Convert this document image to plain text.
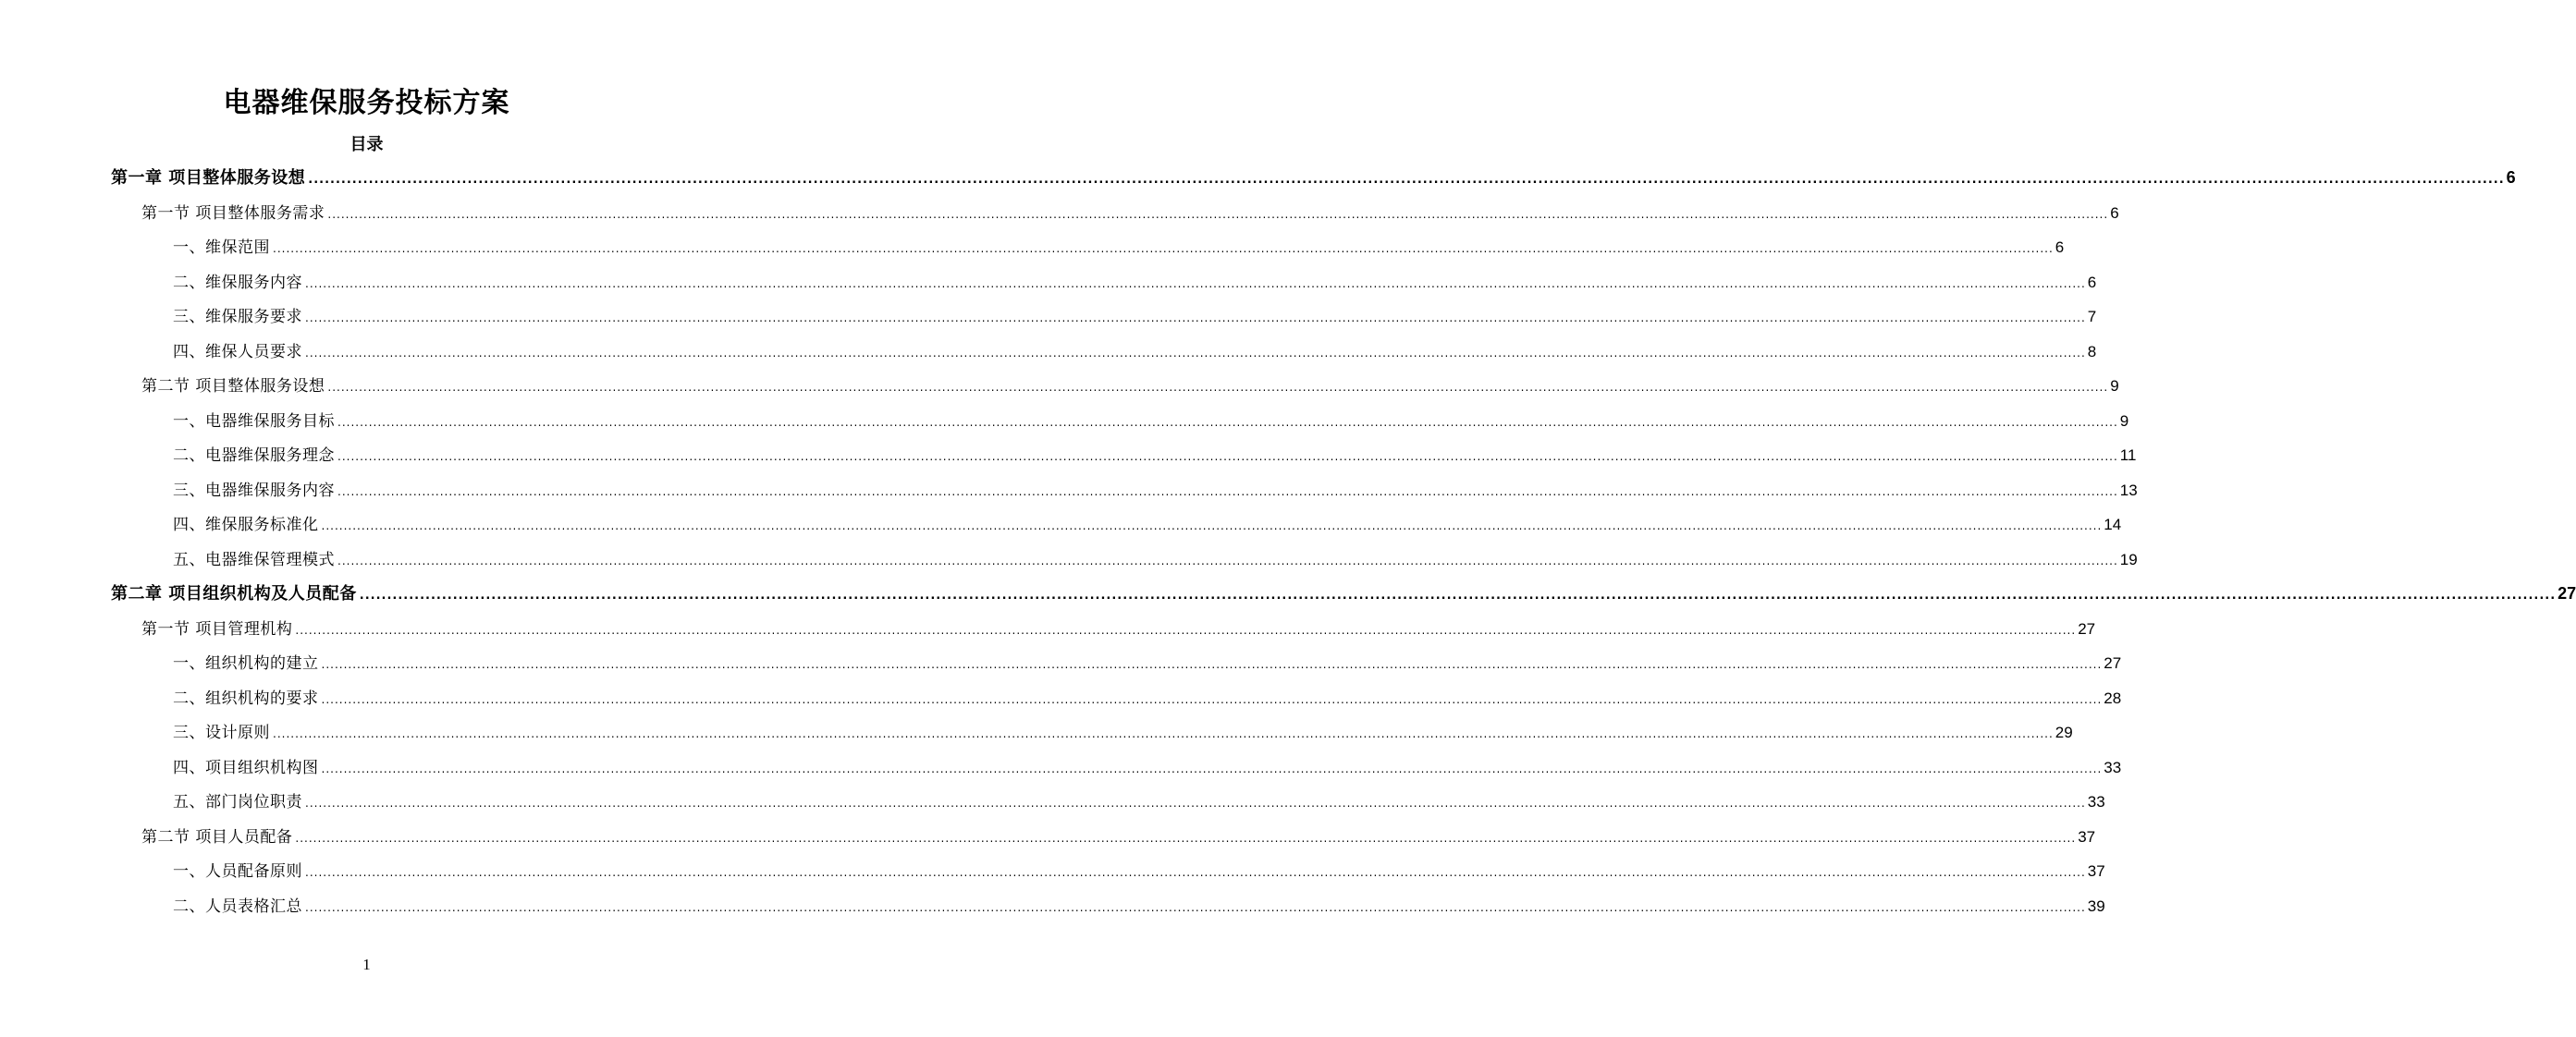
电器维保服务投标方案
目录
第一章 项目整体服务设想 ................................................................................................................................................................................................................................................................................................................................................................................................................ 6
第一节 项目整体服务需求 ................................................................................................................................................................................................................................................................................................................................................................................................................ 6
一、维保范围 ................................................................................................................................................................................................................................................................................................................................................................................................................ 6
二、维保服务内容 ................................................................................................................................................................................................................................................................................................................................................................................................................ 6
三、维保服务要求 ................................................................................................................................................................................................................................................................................................................................................................................................................ 7
四、维保人员要求 ................................................................................................................................................................................................................................................................................................................................................................................................................ 8
第二节 项目整体服务设想 ................................................................................................................................................................................................................................................................................................................................................................................................................ 9
一、电器维保服务目标 ................................................................................................................................................................................................................................................................................................................................................................................................................ 9
二、电器维保服务理念 ................................................................................................................................................................................................................................................................................................................................................................................................................ 11
三、电器维保服务内容 ................................................................................................................................................................................................................................................................................................................................................................................................................ 13
四、维保服务标准化 ................................................................................................................................................................................................................................................................................................................................................................................................................ 14
五、电器维保管理模式 ................................................................................................................................................................................................................................................................................................................................................................................................................ 19
第二章 项目组织机构及人员配备 ................................................................................................................................................................................................................................................................................................................................................................................................................ 27
第一节 项目管理机构 ................................................................................................................................................................................................................................................................................................................................................................................................................ 27
一、组织机构的建立 ................................................................................................................................................................................................................................................................................................................................................................................................................ 27
二、组织机构的要求 ................................................................................................................................................................................................................................................................................................................................................................................................................ 28
三、设计原则 ................................................................................................................................................................................................................................................................................................................................................................................................................ 29
四、项目组织机构图 ................................................................................................................................................................................................................................................................................................................................................................................................................ 33
五、部门岗位职责 ................................................................................................................................................................................................................................................................................................................................................................................................................ 33
第二节 项目人员配备 ................................................................................................................................................................................................................................................................................................................................................................................................................ 37
一、人员配备原则 ................................................................................................................................................................................................................................................................................................................................................................................................................ 37
二、人员表格汇总 ................................................................................................................................................................................................................................................................................................................................................................................................................ 39
1
